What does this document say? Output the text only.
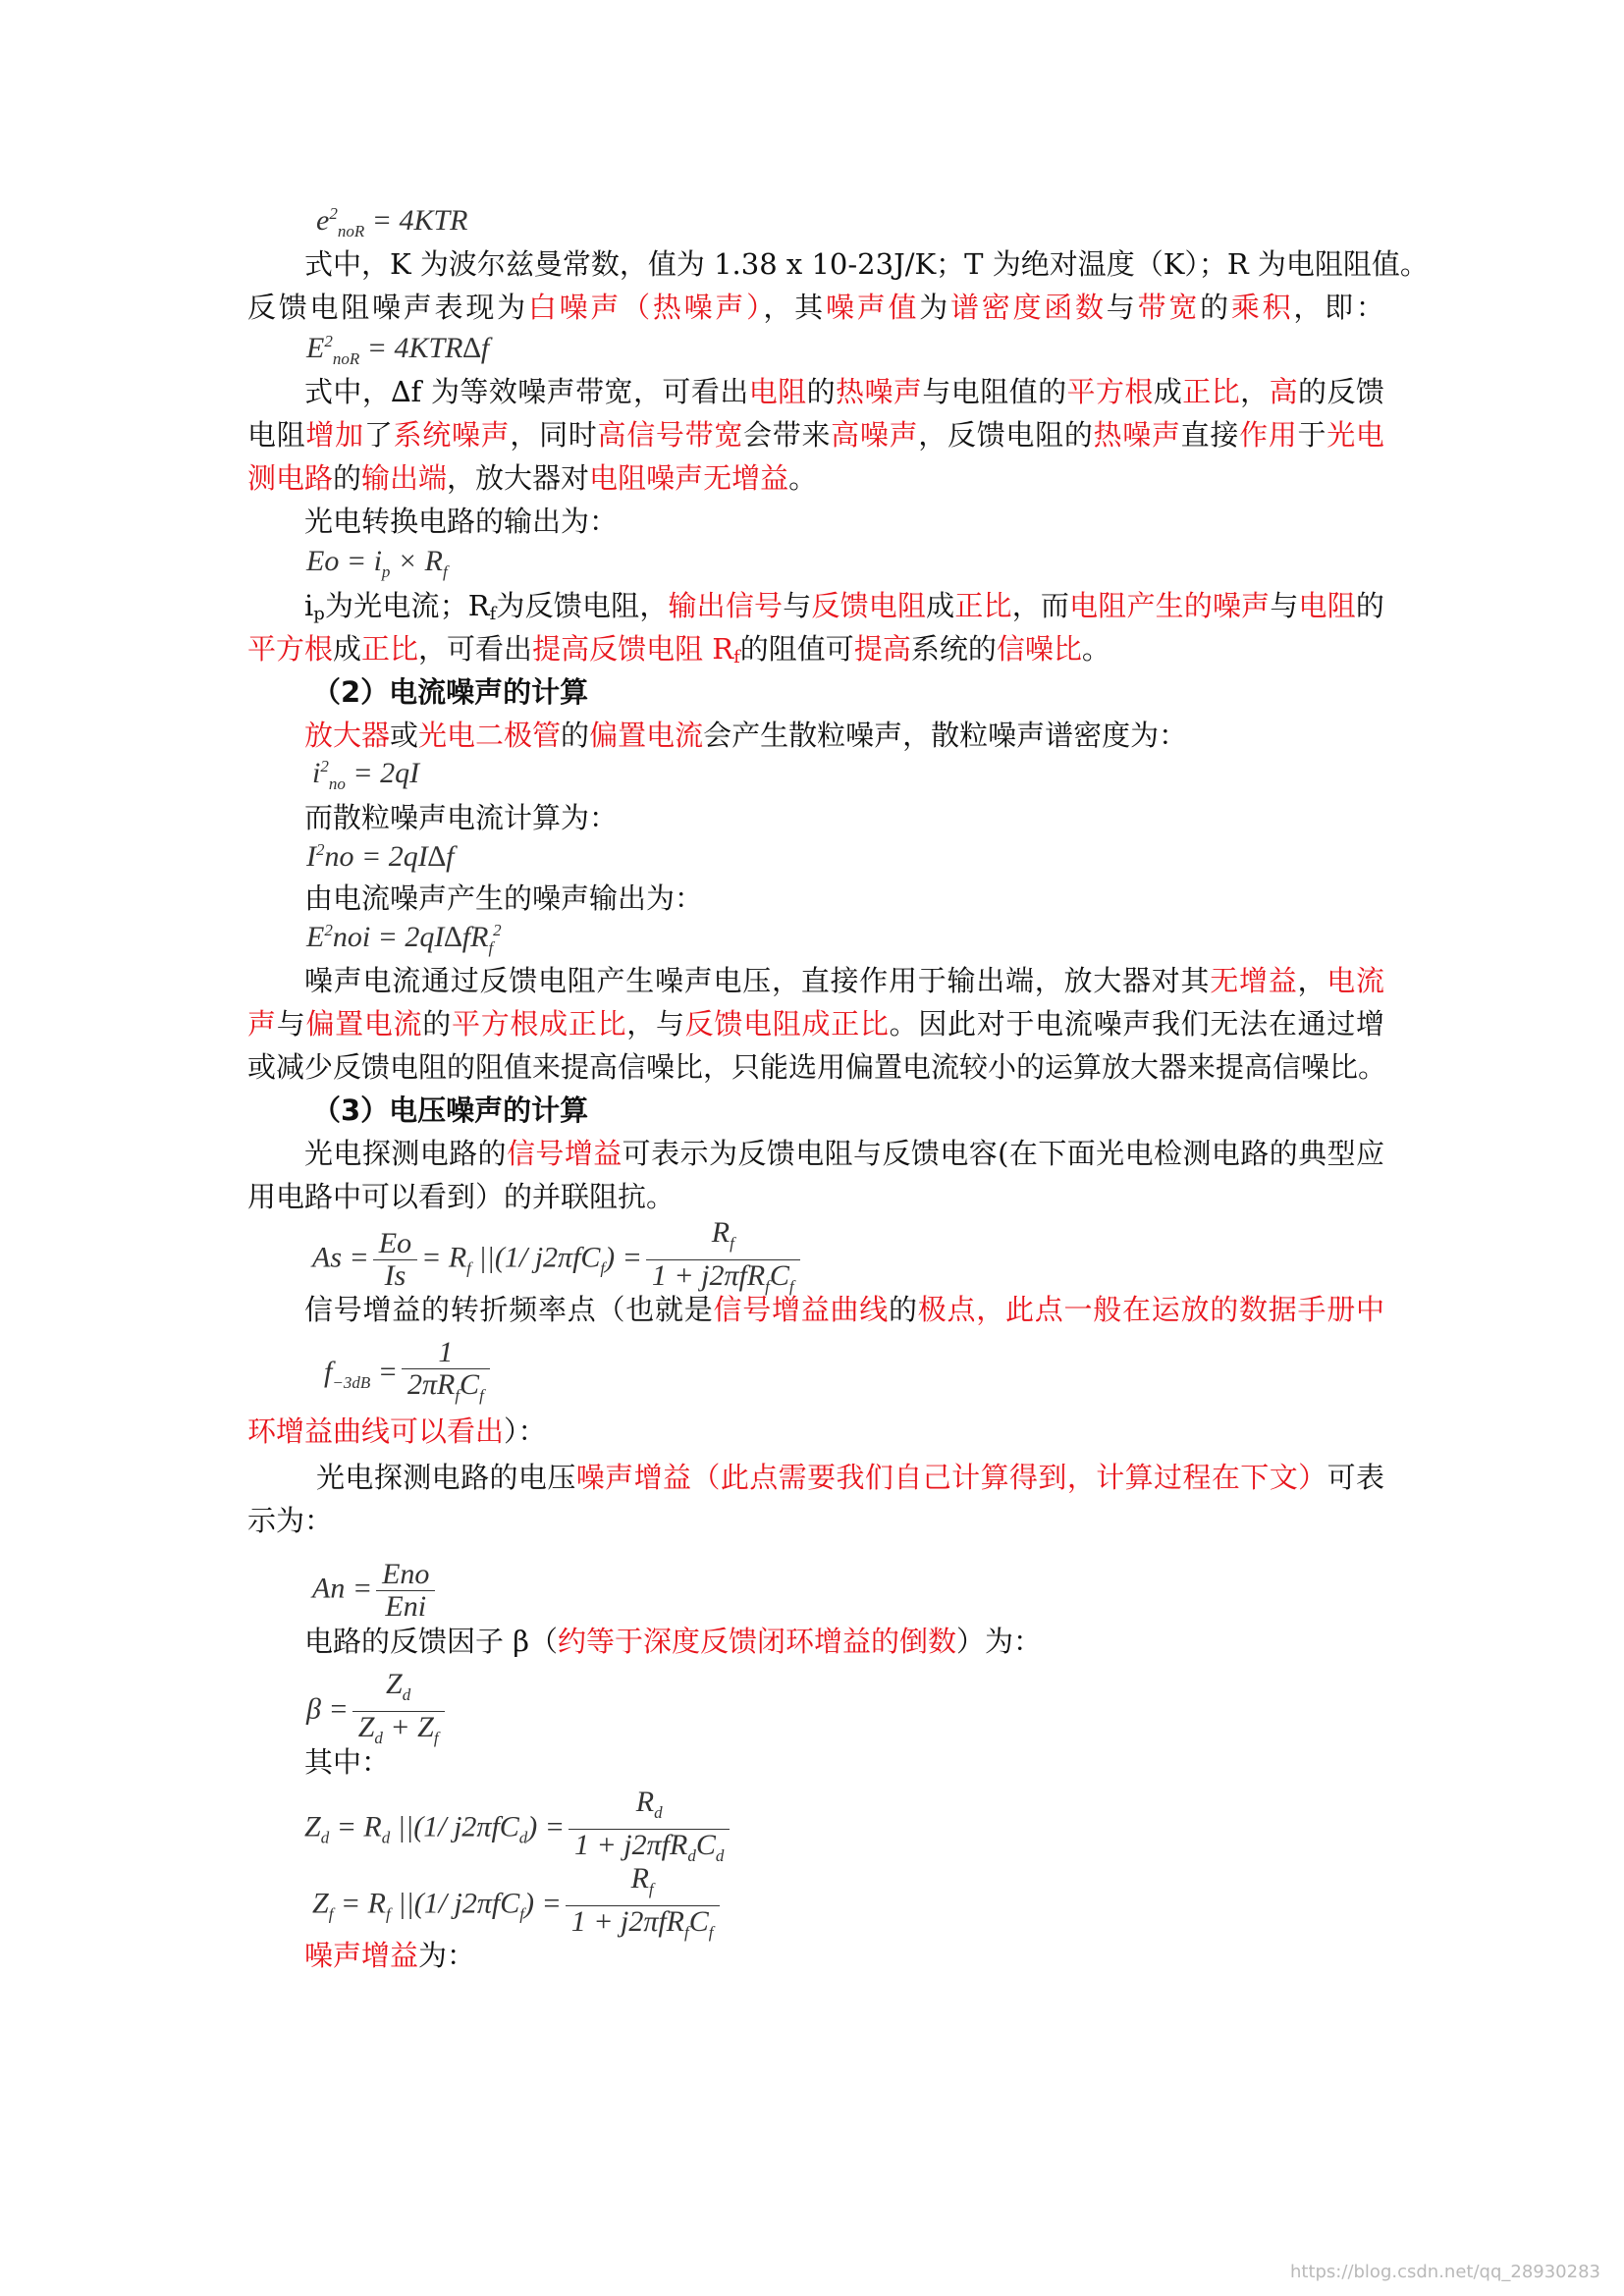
$e^2_{noR} = 4KTR$
式中，K 为波尔兹曼常数，值为 1.38 x 10-23J/K；T 为绝对温度（K）；R 为电阻阻值。
反馈电阻噪声表现为白噪声（热噪声），其噪声值为谱密度函数与带宽的乘积，即：
$E^2_{noR} = 4KTR\Delta f$
式中，∆f 为等效噪声带宽，可看出电阻的热噪声与电阻值的平方根成正比，高的反馈
电阻增加了系统噪声，同时高信号带宽会带来高噪声，反馈电阻的热噪声直接作用于光电
测电路的输出端，放大器对电阻噪声无增益。
光电转换电路的输出为：
$Eo = i_p \times R_f$
$i_p$为光电流；$R_f$为反馈电阻，输出信号与反馈电阻成正比，而电阻产生的噪声与电阻的
平方根成正比，可看出提高反馈电阻 $R_f$的阻值可提高系统的信噪比。
（2）电流噪声的计算
放大器或光电二极管的偏置电流会产生散粒噪声，散粒噪声谱密度为：
$i^2_{no} = 2qI$
而散粒噪声电流计算为：
$I^2no = 2qI\Delta f$
由电流噪声产生的噪声输出为：
$E^2noi = 2qI\Delta fR_f^2$
噪声电流通过反馈电阻产生噪声电压，直接作用于输出端，放大器对其无增益，电流
声与偏置电流的平方根成正比，与反馈电阻成正比。因此对于电流噪声我们无法在通过增
或减少反馈电阻的阻值来提高信噪比，只能选用偏置电流较小的运算放大器来提高信噪比。
（3）电压噪声的计算
光电探测电路的信号增益可表示为反馈电阻与反馈电容(在下面光电检测电路的典型应
用电路中可以看到）的并联阻抗。
$As = \frac{Eo}{Is} = R_f$ ||(1/ $j2\pi fC_f) = \frac{R_f}{1 + j2\pi fR_fC_f}$
信号增益的转折频率点（也就是信号增益曲线的极点，此点一般在运放的数据手册中
$f_{-3dB} = \frac{1}{2\pi R_fC_f}$
环增益曲线可以看出）：
光电探测电路的电压噪声增益（此点需要我们自己计算得到，计算过程在下文）可表
示为：
$An = \frac{\text{Eno}}{\text{Eni}}$
电路的反馈因子 β（约等于深度反馈闭环增益的倒数）为：
$\beta = \frac{Z_d}{Z_d + Z_f}$
其中：
$Z_d = R_d$ ||(1/ $j2\pi fC_d) = \frac{R_d}{1 + j2\pi fR_dC_d}$
$Z_f = R_f$ ||(1/ $j2\pi fC_f) = \frac{R_f}{1 + j2\pi fR_fC_f}$
噪声增益为：
https://blog.csdn.net/qq_28930283
